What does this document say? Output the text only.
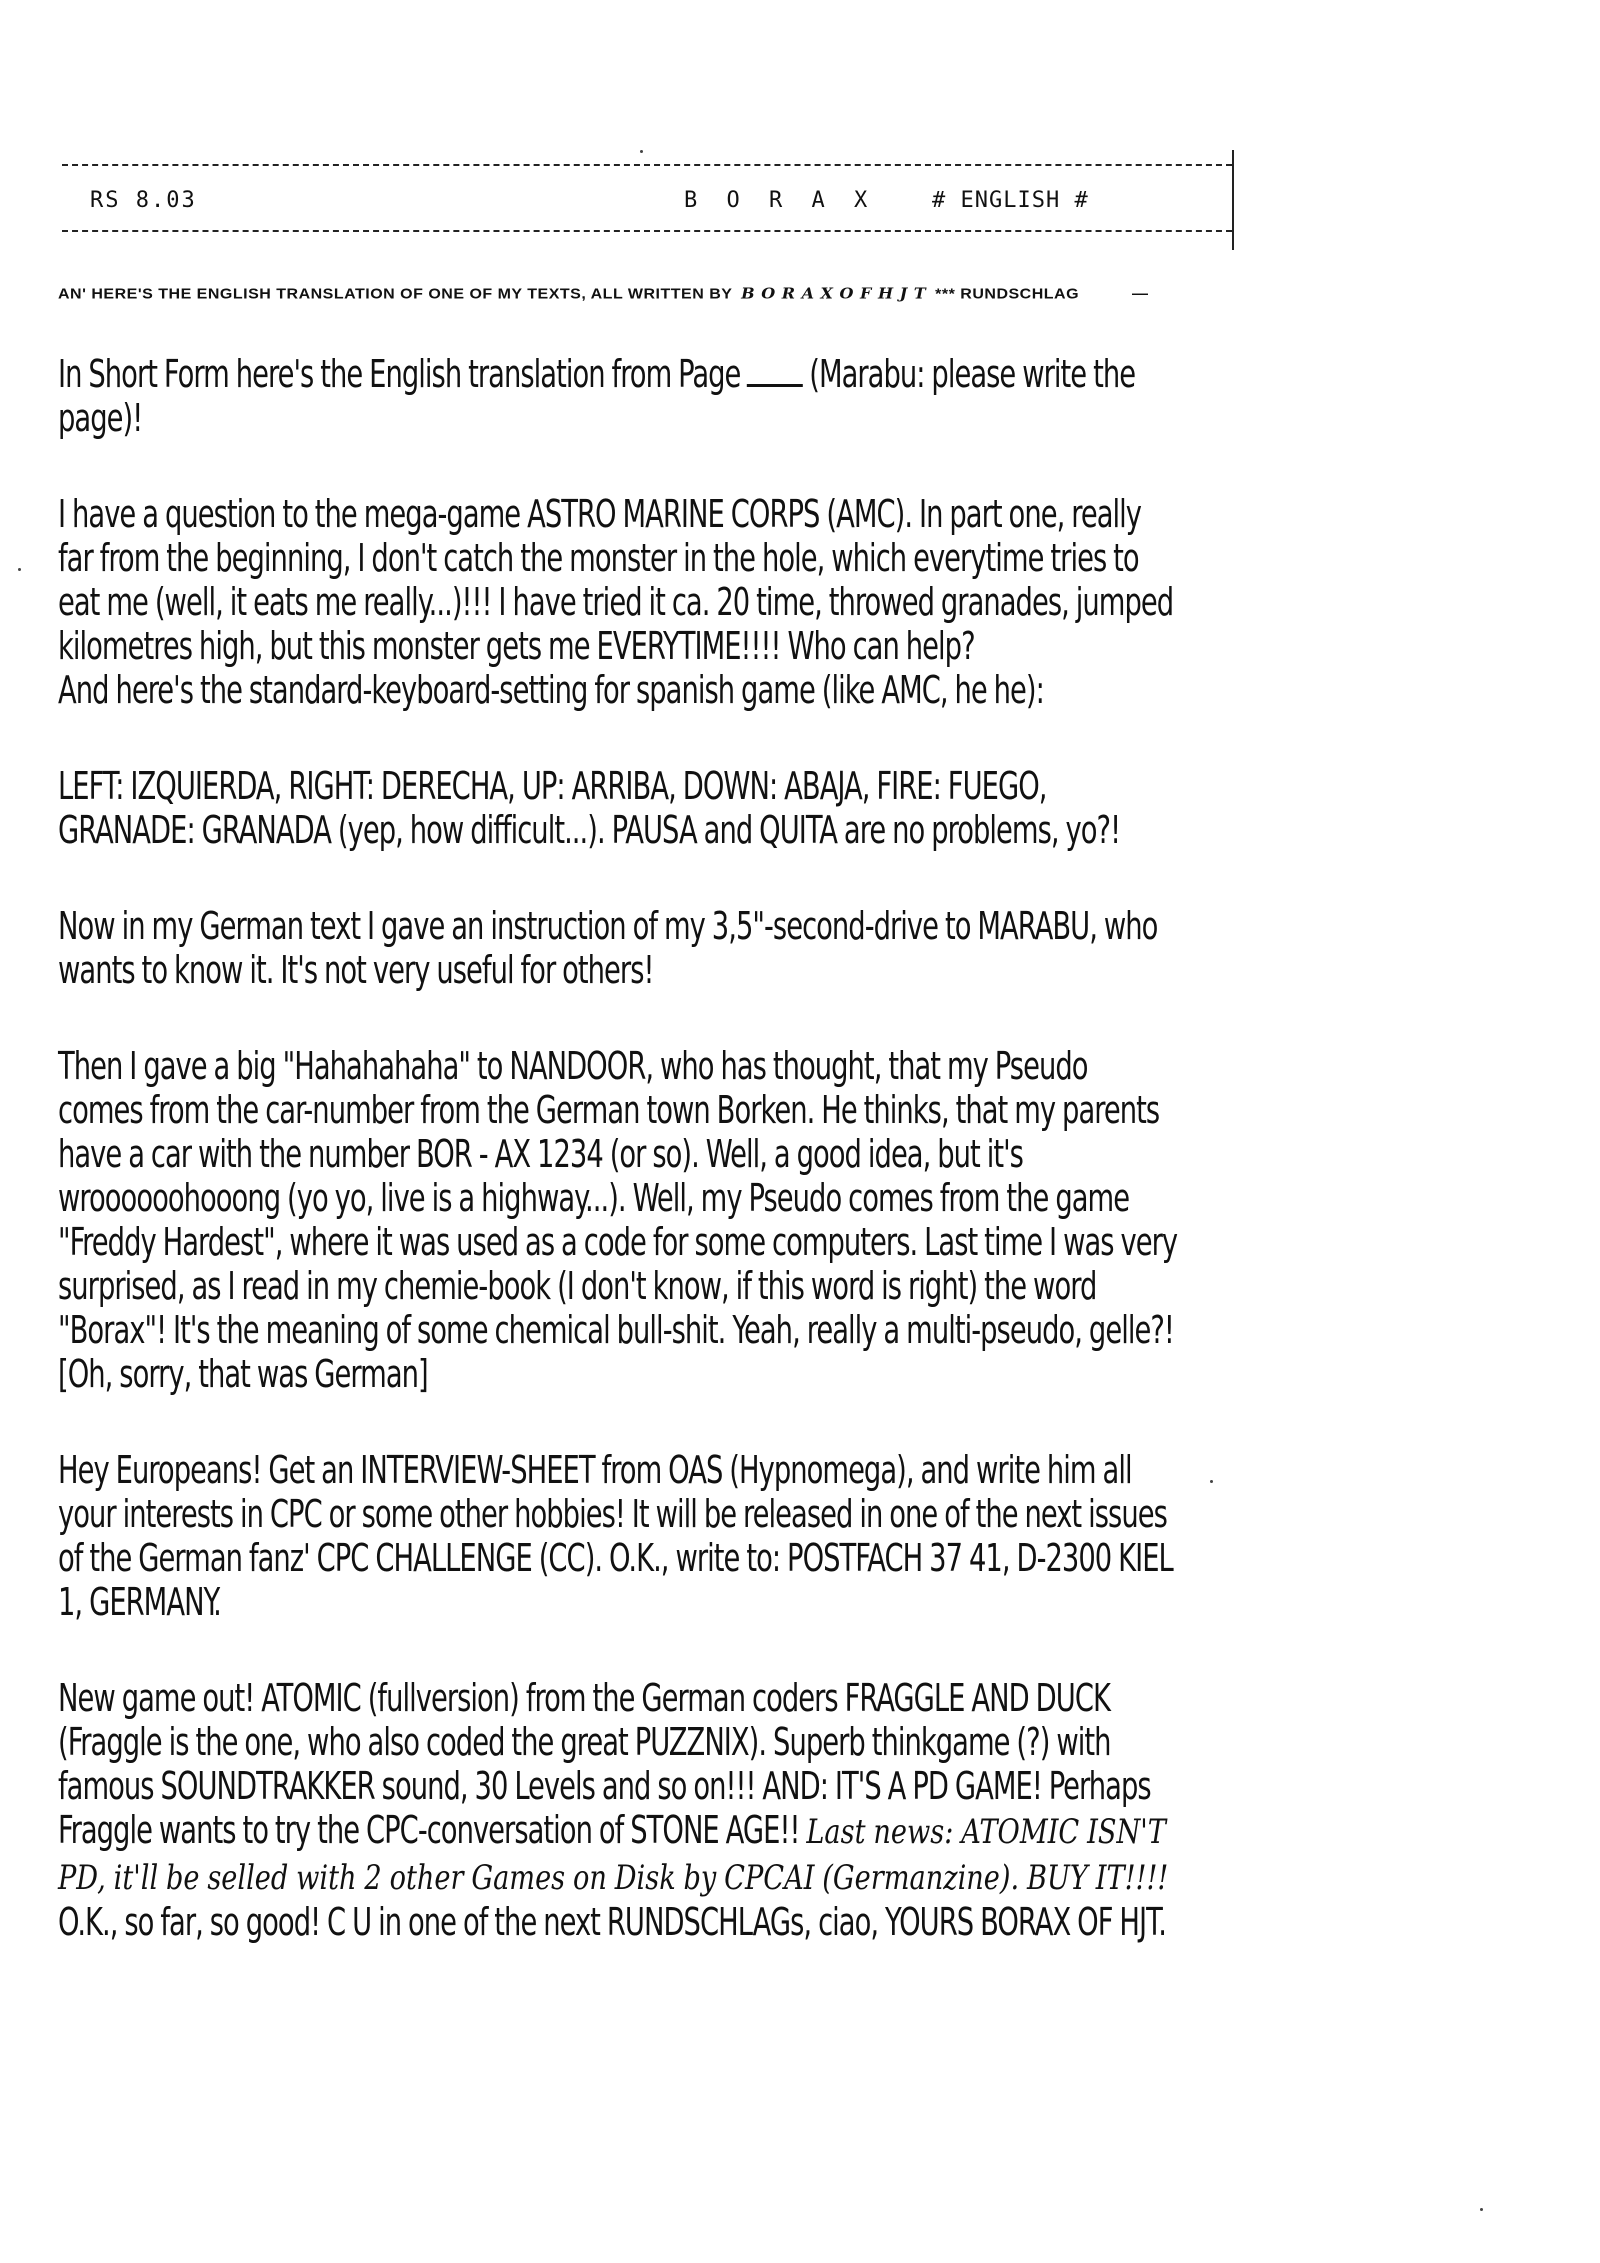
RS 8.03	B O R A X	# ENGLISH #
AN' HERE'S THE ENGLISH TRANSLATION OF ONE OF MY TEXTS, ALL WRITTEN BY B O R A X O F H J T *** RUNDSCHLAG	—

In Short Form here's the English translation from Page (Marabu: please write the page)!

I have a question to the mega-game ASTRO MARINE CORPS (AMC). In part one, really far from the beginning, I don't catch the monster in the hole, which everytime tries to eat me (well, it eats me really...)!!! I have tried it ca. 20 time, throwed granades, jumped kilometres high, but this monster gets me EVERYTIME!!!! Who can help?

And here's the standard-keyboard-setting for spanish game (like AMC, he he):

LEFT: IZQUIERDA, RIGHT: DERECHA, UP: ARRIBA, DOWN: ABAJA, FIRE: FUEGO, GRANADE: GRANADA (yep, how difficult...). PAUSA and QUITA are no problems, yo?!

Now in my German text I gave an instruction of my 3,5"-second-drive to MARABU, who wants to know it. It's not very useful for others!

Then I gave a big "Hahahahaha" to NANDOOR, who has thought, that my Pseudo comes from the car-number from the German town Borken. He thinks, that my parents have a car with the number BOR - AX 1234 (or so). Well, a good idea, but it's wroooooohooong (yo yo, live is a highway...). Well, my Pseudo comes from the game "Freddy Hardest", where it was used as a code for some computers. Last time I was very surprised, as I read in my chemie-book (I don't know, if this word is right) the word "Borax"! It's the meaning of some chemical bull-shit. Yeah, really a multi-pseudo, gelle?! [Oh, sorry, that was German]

Hey Europeans! Get an INTERVIEW-SHEET from OAS (Hypnomega), and write him all your interests in CPC or some other hobbies! It will be released in one of the next issues of the German fanz' CPC CHALLENGE (CC). O.K., write to: POSTFACH 37 41, D-2300 KIEL 1, GERMANY.

New game out! ATOMIC (fullversion) from the German coders FRAGGLE AND DUCK (Fraggle is the one, who also coded the great PUZZNIX). Superb thinkgame (?) with famous SOUNDTRAKKER sound, 30 Levels and so on!!! AND: IT'S A PD GAME! Perhaps Fraggle wants to try the CPC-conversation of STONE AGE!! Last news: ATOMIC ISN'T PD, it'll be selled with 2 other Games on Disk by CPCAI (Germanzine). BUY IT!!!!

O.K., so far, so good! C U in one of the next RUNDSCHLAGs, ciao, YOURS BORAX OF HJT.
